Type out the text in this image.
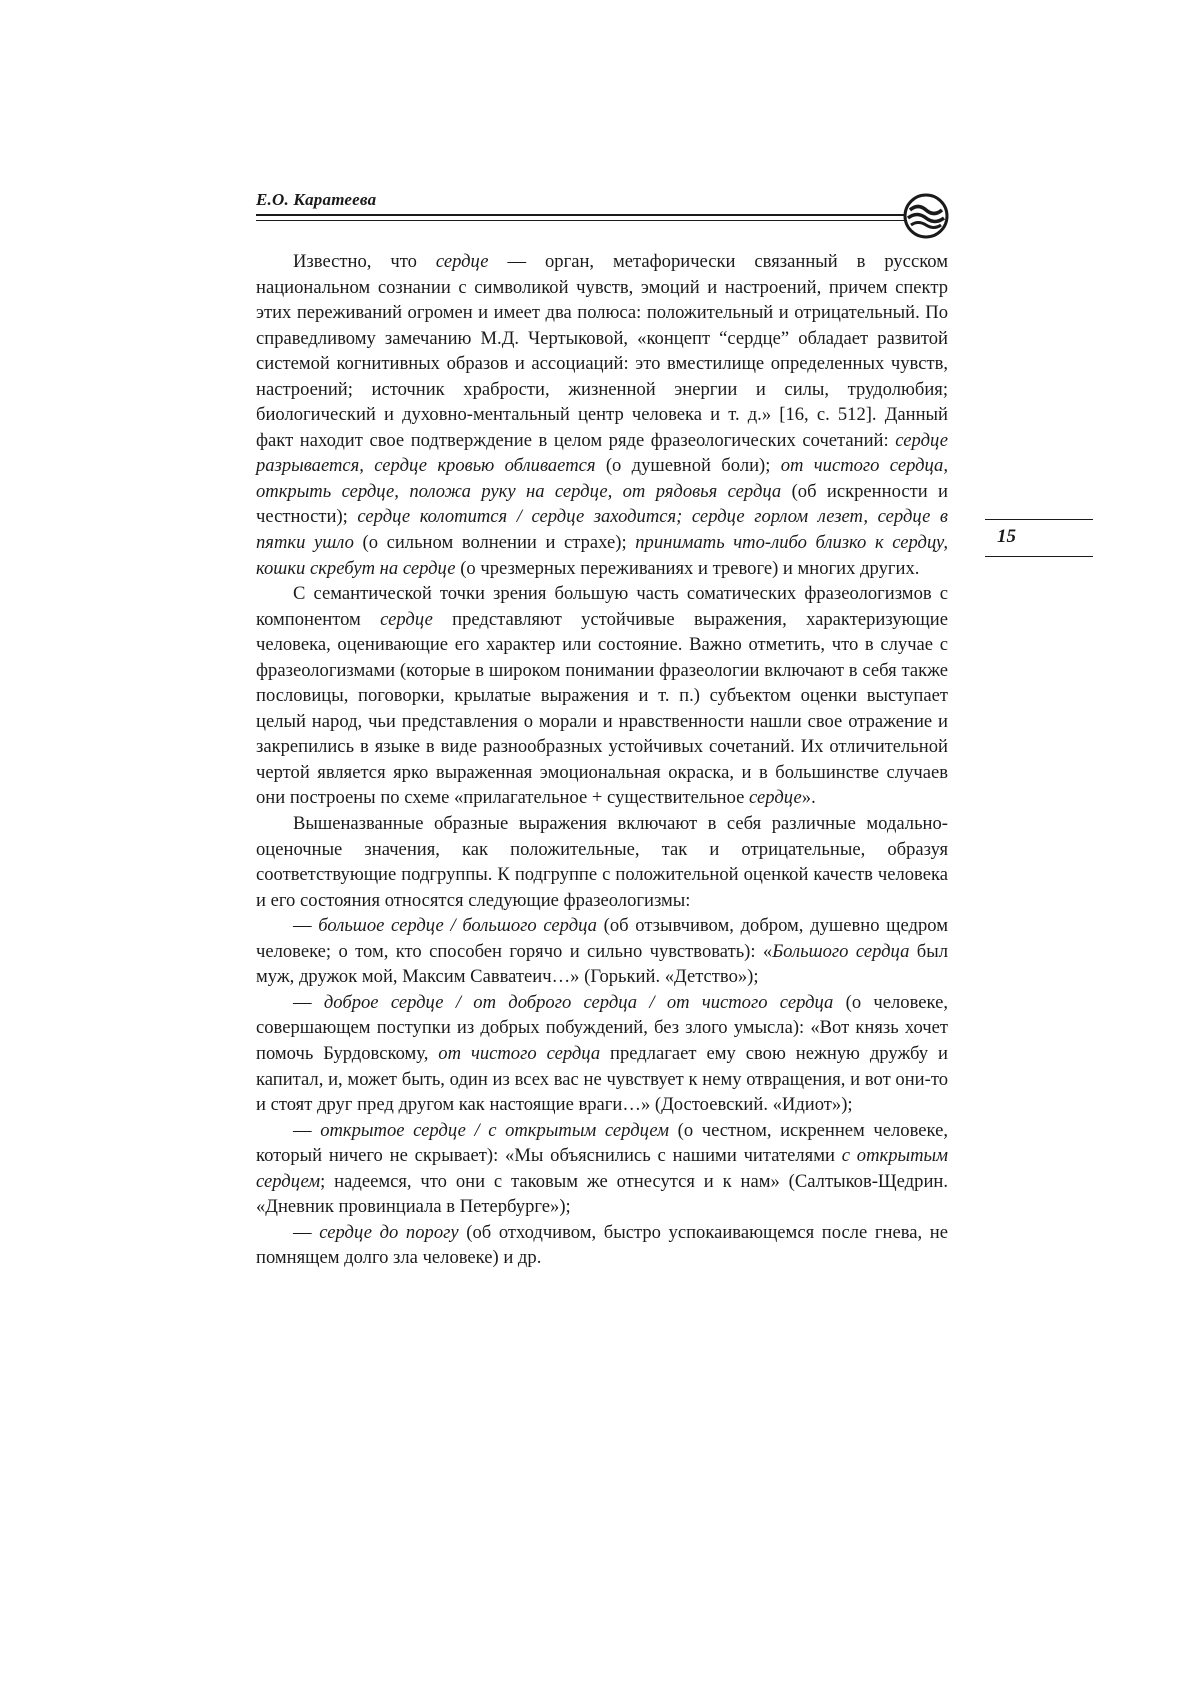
Е.О. Каратеева
15

Известно, что сердце — орган, метафорически связанный в русском национальном сознании с символикой чувств, эмоций и настроений, причем спектр этих переживаний огромен и имеет два полюса: положительный и отрицательный. По справедливому замечанию М.Д. Чертыковой, «концепт “сердце” обладает развитой системой когнитивных образов и ассоциаций: это вместилище определенных чувств, настроений; источник храбрости, жизненной энергии и силы, трудолюбия; биологический и духовно-ментальный центр человека и т. д.» [16, с. 512]. Данный факт находит свое подтверждение в целом ряде фразеологических сочетаний: сердце разрывается, сердце кровью обливается (о душевной боли); от чистого сердца, открыть сердце, положа руку на сердце, от рядовья сердца (об искренности и честности); сердце колотится / сердце заходится; сердце горлом лезет, сердце в пятки ушло (о сильном волнении и страхе); принимать что-либо близко к сердцу, кошки скребут на сердце (о чрезмерных переживаниях и тревоге) и многих других.

С семантической точки зрения большую часть соматических фразеологизмов с компонентом сердце представляют устойчивые выражения, характеризующие человека, оценивающие его характер или состояние. Важно отметить, что в случае с фразеологизмами (которые в широком понимании фразеологии включают в себя также пословицы, поговорки, крылатые выражения и т. п.) субъектом оценки выступает целый народ, чьи представления о морали и нравственности нашли свое отражение и закрепились в языке в виде разнообразных устойчивых сочетаний. Их отличительной чертой является ярко выраженная эмоциональная окраска, и в большинстве случаев они построены по схеме «прилагательное + существительное сердце».

Вышеназванные образные выражения включают в себя различные модально-оценочные значения, как положительные, так и отрицательные, образуя соответствующие подгруппы. К подгруппе с положительной оценкой качеств человека и его состояния относятся следующие фразеологизмы:

— большое сердце / большого сердца (об отзывчивом, добром, душевно щедром человеке; о том, кто способен горячо и сильно чувствовать): «Большого сердца был муж, дружок мой, Максим Савватеич…» (Горький. «Детство»);

— доброе сердце / от доброго сердца / от чистого сердца (о человеке, совершающем поступки из добрых побуждений, без злого умысла): «Вот князь хочет помочь Бурдовскому, от чистого сердца предлагает ему свою нежную дружбу и капитал, и, может быть, один из всех вас не чувствует к нему отвращения, и вот они-то и стоят друг пред другом как настоящие враги…» (Достоевский. «Идиот»);

— открытое сердце / с открытым сердцем (о честном, искреннем человеке, который ничего не скрывает): «Мы объяснились с нашими читателями с открытым сердцем; надеемся, что они с таковым же отнесутся и к нам» (Салтыков-Щедрин. «Дневник провинциала в Петербурге»);

— сердце до порогу (об отходчивом, быстро успокаивающемся после гнева, не помнящем долго зла человеке) и др.
